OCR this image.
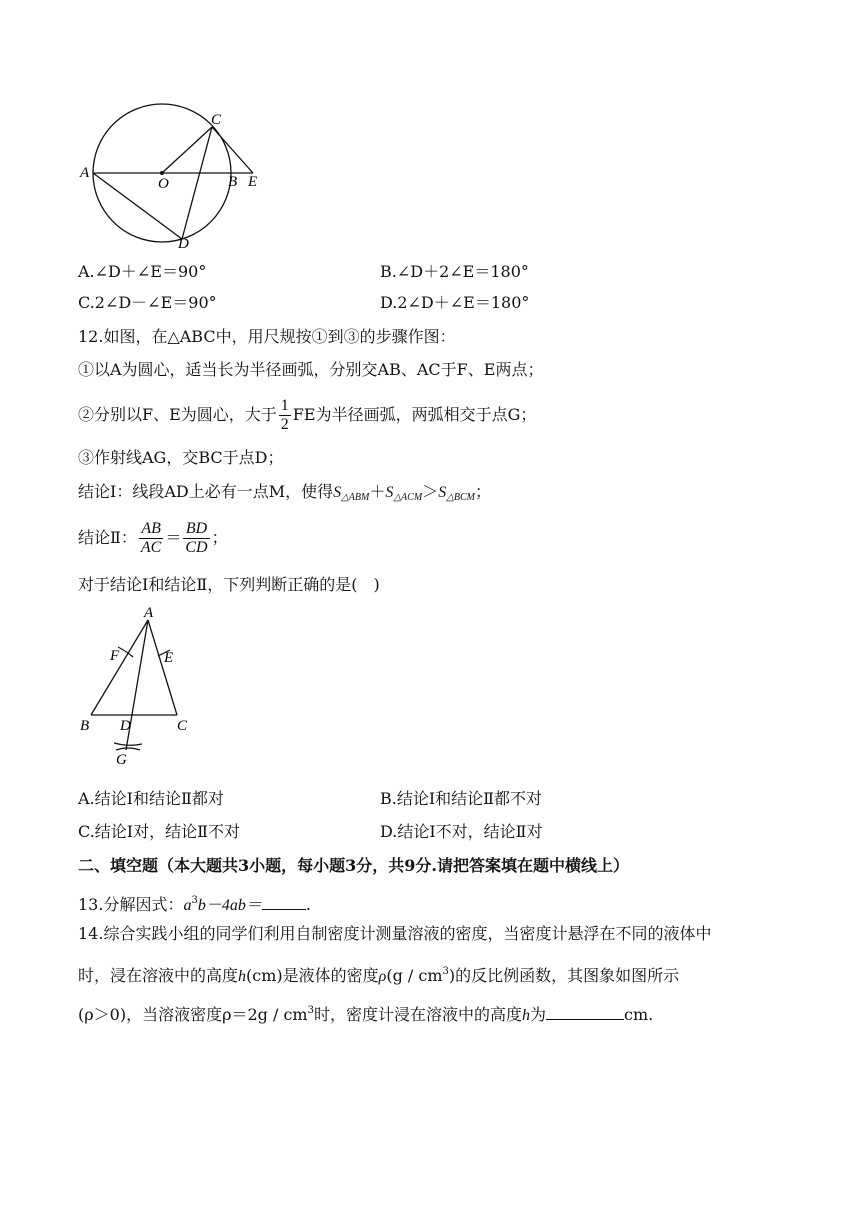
A
O	B E
C
D
A.∠D＋∠E＝90°	B.∠D＋2∠E＝180°
C.2∠D－∠E＝90°	D.2∠D＋∠E＝180°
12.如图，在△ABC中，用尺规按①到③的步骤作图：
①以A为圆心，适当长为半径画弧，分别交AB、AC于F、E两点；
②分别以F、E为圆心，大于 $\frac{1}{2}$ FE为半径画弧，两弧相交于点G；
③作射线AG，交BC于点D；
结论Ⅰ：线段AD上必有一点M，使得$S_{\triangle ABM}+S_{\triangle ACM}>S_{\triangle BCM}$；
结论Ⅱ： $\frac{AB}{AC} = \frac{BD}{CD}$ ；
对于结论Ⅰ和结论Ⅱ，下列判断正确的是(　)
A
F	E
B D	C
G
A.结论Ⅰ和结论Ⅱ都对	B.结论Ⅰ和结论Ⅱ都不对
C.结论Ⅰ对，结论Ⅱ不对	D.结论Ⅰ不对，结论Ⅱ对
二、填空题（本大题共3小题，每小题3分，共9分.请把答案填在题中横线上）
13.分解因式：$a^3b-4ab=$	.
14.综合实践小组的同学们利用自制密度计测量溶液的密度，当密度计悬浮在不同的液体中
时，浸在溶液中的高度h(cm)是液体的密度$\rho(g / cm^3)$的反比例函数，其图象如图所示
(ρ＞0)，当溶液密度$\rho=2g / cm^3$时，密度计浸在溶液中的高度h为	cm.
